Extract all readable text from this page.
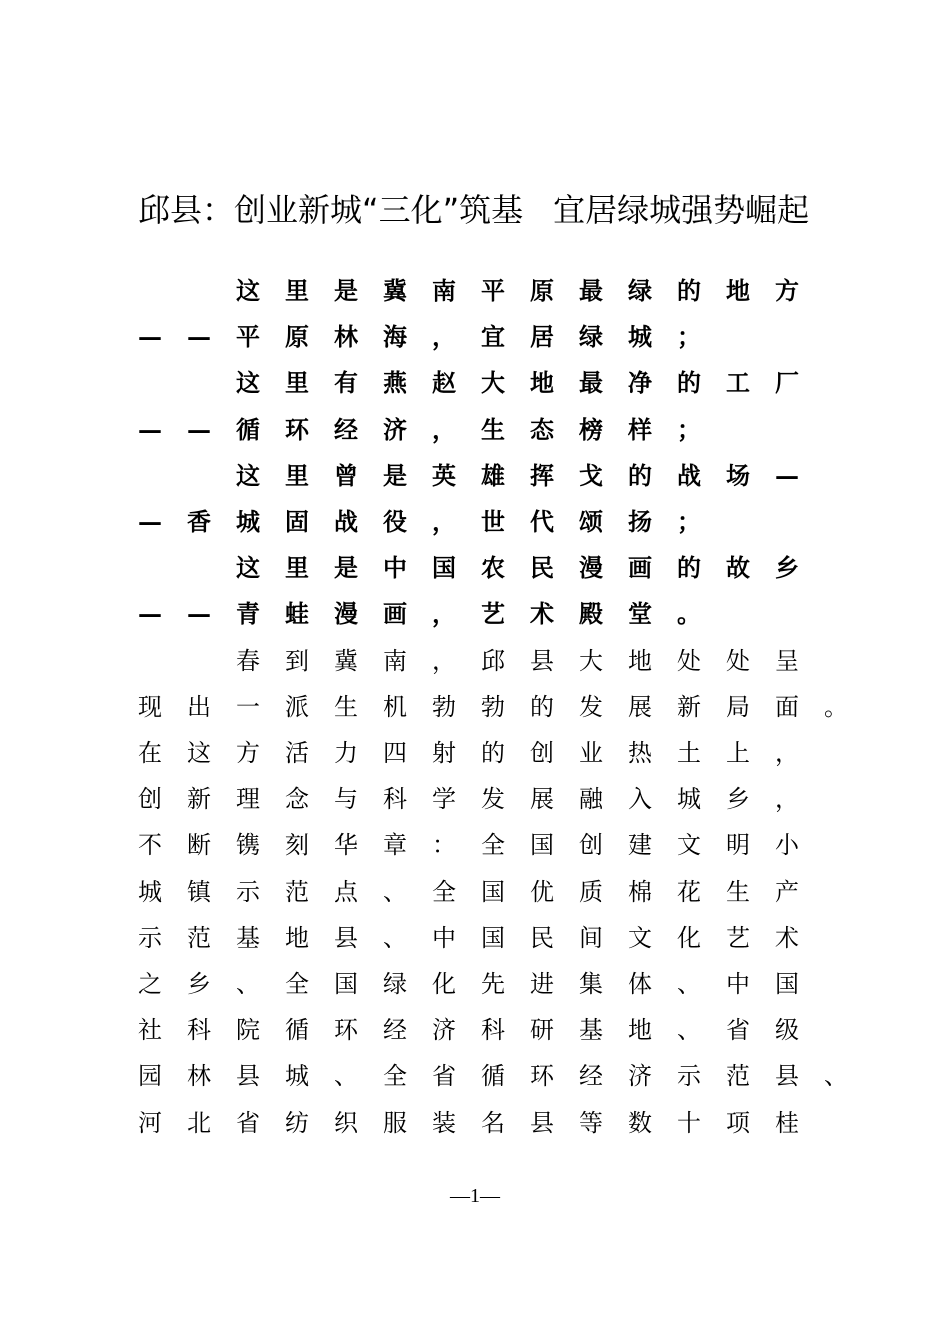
邱县：创业新城“三化”筑基 宜居绿城强势崛起
这 里 是 冀 南 平 原 最 绿 的 地 方
— — 平 原 林 海 ， 宜 居 绿 城 ；
这 里 有 燕 赵 大 地 最 净 的 工 厂
— — 循 环 经 济 ， 生 态 榜 样 ；
这 里 曾 是 英 雄 挥 戈 的 战 场 —
— 香 城 固 战 役 ， 世 代 颂 扬 ；
这 里 是 中 国 农 民 漫 画 的 故 乡
— — 青 蛙 漫 画 ， 艺 术 殿 堂 。
春 到 冀 南 ， 邱 县 大 地 处 处 呈
现 出 一 派 生 机 勃 勃 的 发 展 新 局 面 。
在 这 方 活 力 四 射 的 创 业 热 土 上 ，
创 新 理 念 与 科 学 发 展 融 入 城 乡 ，
不 断 镌 刻 华 章 ： 全 国 创 建 文 明 小
城 镇 示 范 点 、 全 国 优 质 棉 花 生 产
示 范 基 地 县 、 中 国 民 间 文 化 艺 术
之 乡 、 全 国 绿 化 先 进 集 体 、 中 国
社 科 院 循 环 经 济 科 研 基 地 、 省 级
园 林 县 城 、 全 省 循 环 经 济 示 范 县 、
河 北 省 纺 织 服 装 名 县 等 数 十 项 桂
—1—
